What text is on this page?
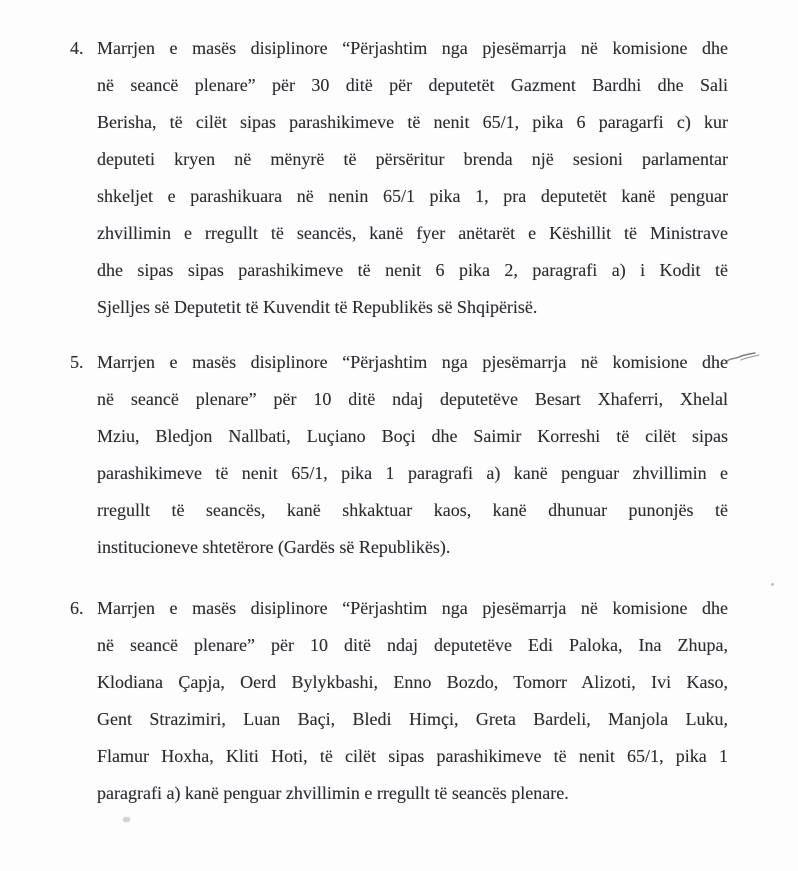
4. Marrjen e masës disiplinore “Përjashtim nga pjesëmarrja në komisione dhe
në seancë plenare” për 30 ditë për deputetët Gazment Bardhi dhe Sali
Berisha, të cilët sipas parashikimeve të nenit 65/1, pika 6 paragarfi c) kur
deputeti kryen në mënyrë të përsëritur brenda një sesioni parlamentar
shkeljet e parashikuara në nenin 65/1 pika 1, pra deputetët kanë penguar
zhvillimin e rregullt të seancës, kanë fyer anëtarët e Këshillit të Ministrave
dhe sipas sipas parashikimeve të nenit 6 pika 2, paragrafi a) i Kodit të
Sjelljes së Deputetit të Kuvendit të Republikës së Shqipërisë.
5. Marrjen e masës disiplinore “Përjashtim nga pjesëmarrja në komisione dhe
në seancë plenare” për 10 ditë ndaj deputetëve Besart Xhaferri, Xhelal
Mziu, Bledjon Nallbati, Luçiano Boçi dhe Saimir Korreshi të cilët sipas
parashikimeve të nenit 65/1, pika 1 paragrafi a) kanë penguar zhvillimin e
rregullt të seancës, kanë shkaktuar kaos, kanë dhunuar punonjës të
institucioneve shtetërore (Gardës së Republikës).
6. Marrjen e masës disiplinore “Përjashtim nga pjesëmarrja në komisione dhe
në seancë plenare” për 10 ditë ndaj deputetëve Edi Paloka, Ina Zhupa,
Klodiana Çapja, Oerd Bylykbashi, Enno Bozdo, Tomorr Alizoti, Ivi Kaso,
Gent Strazimiri, Luan Baçi, Bledi Himçi, Greta Bardeli, Manjola Luku,
Flamur Hoxha, Kliti Hoti, të cilët sipas parashikimeve të nenit 65/1, pika 1
paragrafi a) kanë penguar zhvillimin e rregullt të seancës plenare.
